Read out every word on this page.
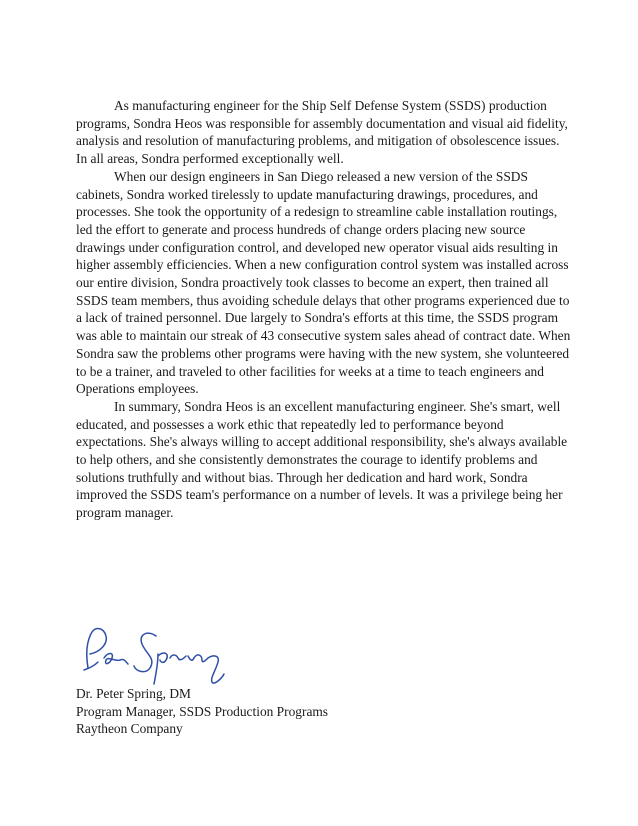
As manufacturing engineer for the Ship Self Defense System (SSDS) production programs, Sondra Heos was responsible for assembly documentation and visual aid fidelity, analysis and resolution of manufacturing problems, and mitigation of obsolescence issues. In all areas, Sondra performed exceptionally well.

When our design engineers in San Diego released a new version of the SSDS cabinets, Sondra worked tirelessly to update manufacturing drawings, procedures, and processes. She took the opportunity of a redesign to streamline cable installation routings, led the effort to generate and process hundreds of change orders placing new source drawings under configuration control, and developed new operator visual aids resulting in higher assembly efficiencies. When a new configuration control system was installed across our entire division, Sondra proactively took classes to become an expert, then trained all SSDS team members, thus avoiding schedule delays that other programs experienced due to a lack of trained personnel. Due largely to Sondra's efforts at this time, the SSDS program was able to maintain our streak of 43 consecutive system sales ahead of contract date. When Sondra saw the problems other programs were having with the new system, she volunteered to be a trainer, and traveled to other facilities for weeks at a time to teach engineers and Operations employees.

In summary, Sondra Heos is an excellent manufacturing engineer. She's smart, well educated, and possesses a work ethic that repeatedly led to performance beyond expectations. She's always willing to accept additional responsibility, she's always available to help others, and she consistently demonstrates the courage to identify problems and solutions truthfully and without bias. Through her dedication and hard work, Sondra improved the SSDS team's performance on a number of levels. It was a privilege being her program manager.

Dr. Peter Spring, DM
Program Manager, SSDS Production Programs
Raytheon Company
